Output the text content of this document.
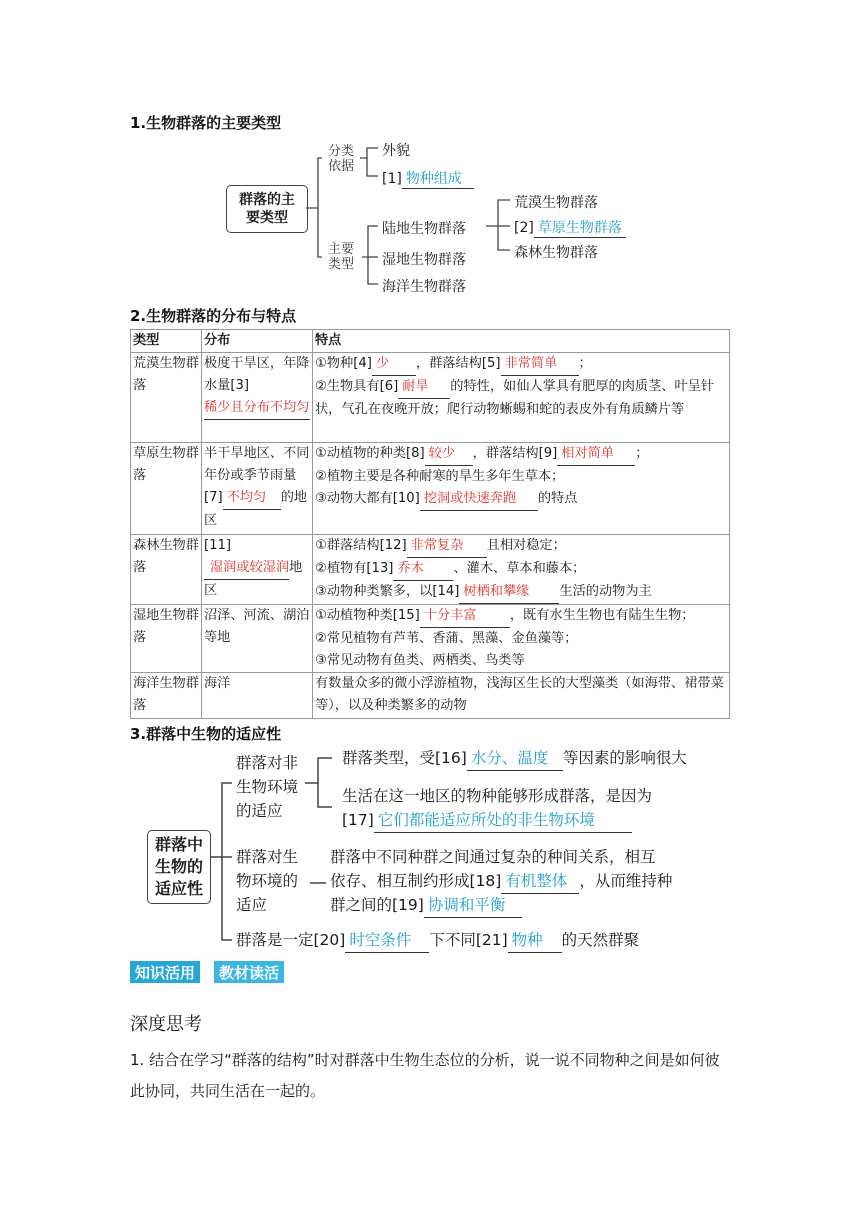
1.生物群落的主要类型
群落的主要类型
分类依据
外貌
[1] 物种组成
主要类型
陆地生物群落
湿地生物群落
海洋生物群落
荒漠生物群落
[2] 草原生物群落
森林生物群落
2.生物群落的分布与特点
类型	分布	特点
荒漠生物群落	极度干旱区，年降水量[3]稀少且分布不均匀	①物种[4] 少 ，群落结构[5] 非常简单 ；
②生物具有[6] 耐旱 的特性，如仙人掌具有肥厚的肉质茎、叶呈针状，气孔在夜晚开放；爬行动物蜥蜴和蛇的表皮外有角质鳞片等

草原生物群落	半干旱地区、不同年份或季节雨量[7] 不均匀 的地区	①动植物的种类[8] 较少 ，群落结构[9] 相对简单 ；
②植物主要是各种耐寒的旱生多年生草本；
③动物大都有[10] 挖洞或快速奔跑 的特点

森林生物群落	[11]湿润或较湿润地区	①群落结构[12] 非常复杂 且相对稳定；
②植物有[13] 乔木 、灌木、草本和藤本；
③动物种类繁多，以[14] 树栖和攀缘 生活的动物为主

湿地生物群落	沼泽、河流、湖泊等地	①动植物种类[15] 十分丰富 ，既有水生生物也有陆生生物；
②常见植物有芦苇、香蒲、黑藻、金鱼藻等；
③常见动物有鱼类、两栖类、鸟类等

海洋生物群落	海洋	有数量众多的微小浮游植物，浅海区生长的大型藻类（如海带、裙带菜等），以及种类繁多的动物
3.群落中生物的适应性
群落中生物的适应性
群落对非生物环境的适应
群落类型，受[16] 水分、温度 等因素的影响很大
生活在这一地区的物种能够形成群落，是因为
[17] 它们都能适应所处的非生物环境
群落对生物环境的适应
群落中不同种群之间通过复杂的种间关系，相互
依存、相互制约形成[18] 有机整体 ，从而维持种
群之间的[19] 协调和平衡
群落是一定[20] 时空条件 下不同[21] 物种 的天然群聚
知识活用	教材读活
深度思考
1. 结合在学习“群落的结构”时对群落中生物生态位的分析，说一说不同物种之间是如何彼此协同，共同生活在一起的。
